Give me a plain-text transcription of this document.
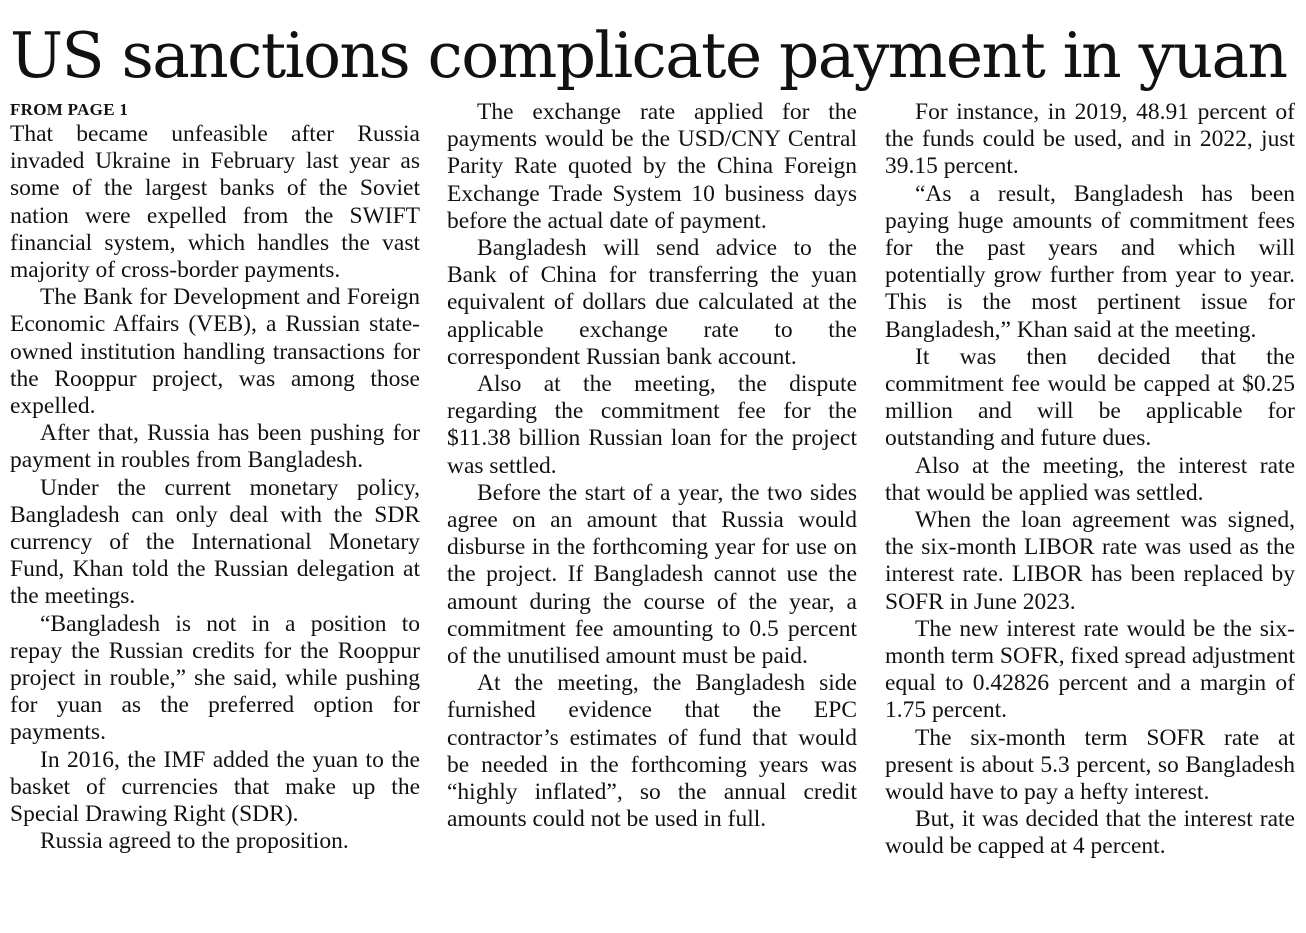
US sanctions complicate payment in yuan
FROM PAGE 1

That became unfeasible after Russia invaded Ukraine in February last year as some of the largest banks of the Soviet nation were expelled from the SWIFT financial system, which handles the vast majority of cross-border payments.

The Bank for Development and Foreign Economic Affairs (VEB), a Russian state-owned institution handling transactions for the Rooppur project, was among those expelled.

After that, Russia has been pushing for payment in roubles from Bangladesh.

Under the current monetary policy, Bangladesh can only deal with the SDR currency of the International Monetary Fund, Khan told the Russian delegation at the meetings.

“Bangladesh is not in a position to repay the Russian credits for the Rooppur project in rouble,” she said, while pushing for yuan as the preferred option for payments.

In 2016, the IMF added the yuan to the basket of currencies that make up the Special Drawing Right (SDR).

Russia agreed to the proposition.

The exchange rate applied for the payments would be the USD/CNY Central Parity Rate quoted by the China Foreign Exchange Trade System 10 business days before the actual date of payment.

Bangladesh will send advice to the Bank of China for transferring the yuan equivalent of dollars due calculated at the applicable exchange rate to the correspondent Russian bank account.

Also at the meeting, the dispute regarding the commitment fee for the $11.38 billion Russian loan for the project was settled.

Before the start of a year, the two sides agree on an amount that Russia would disburse in the forthcoming year for use on the project. If Bangladesh cannot use the amount during the course of the year, a commitment fee amounting to 0.5 percent of the unutilised amount must be paid.

At the meeting, the Bangladesh side furnished evidence that the EPC contractor’s estimates of fund that would be needed in the forthcoming years was “highly inflated”, so the annual credit amounts could not be used in full.

For instance, in 2019, 48.91 percent of the funds could be used, and in 2022, just 39.15 percent.

“As a result, Bangladesh has been paying huge amounts of commitment fees for the past years and which will potentially grow further from year to year. This is the most pertinent issue for Bangladesh,” Khan said at the meeting.

It was then decided that the commitment fee would be capped at $0.25 million and will be applicable for outstanding and future dues.

Also at the meeting, the interest rate that would be applied was settled.

When the loan agreement was signed, the six-month LIBOR rate was used as the interest rate. LIBOR has been replaced by SOFR in June 2023.

The new interest rate would be the six-month term SOFR, fixed spread adjustment equal to 0.42826 percent and a margin of 1.75 percent.

The six-month term SOFR rate at present is about 5.3 percent, so Bangladesh would have to pay a hefty interest.

But, it was decided that the interest rate would be capped at 4 percent.
